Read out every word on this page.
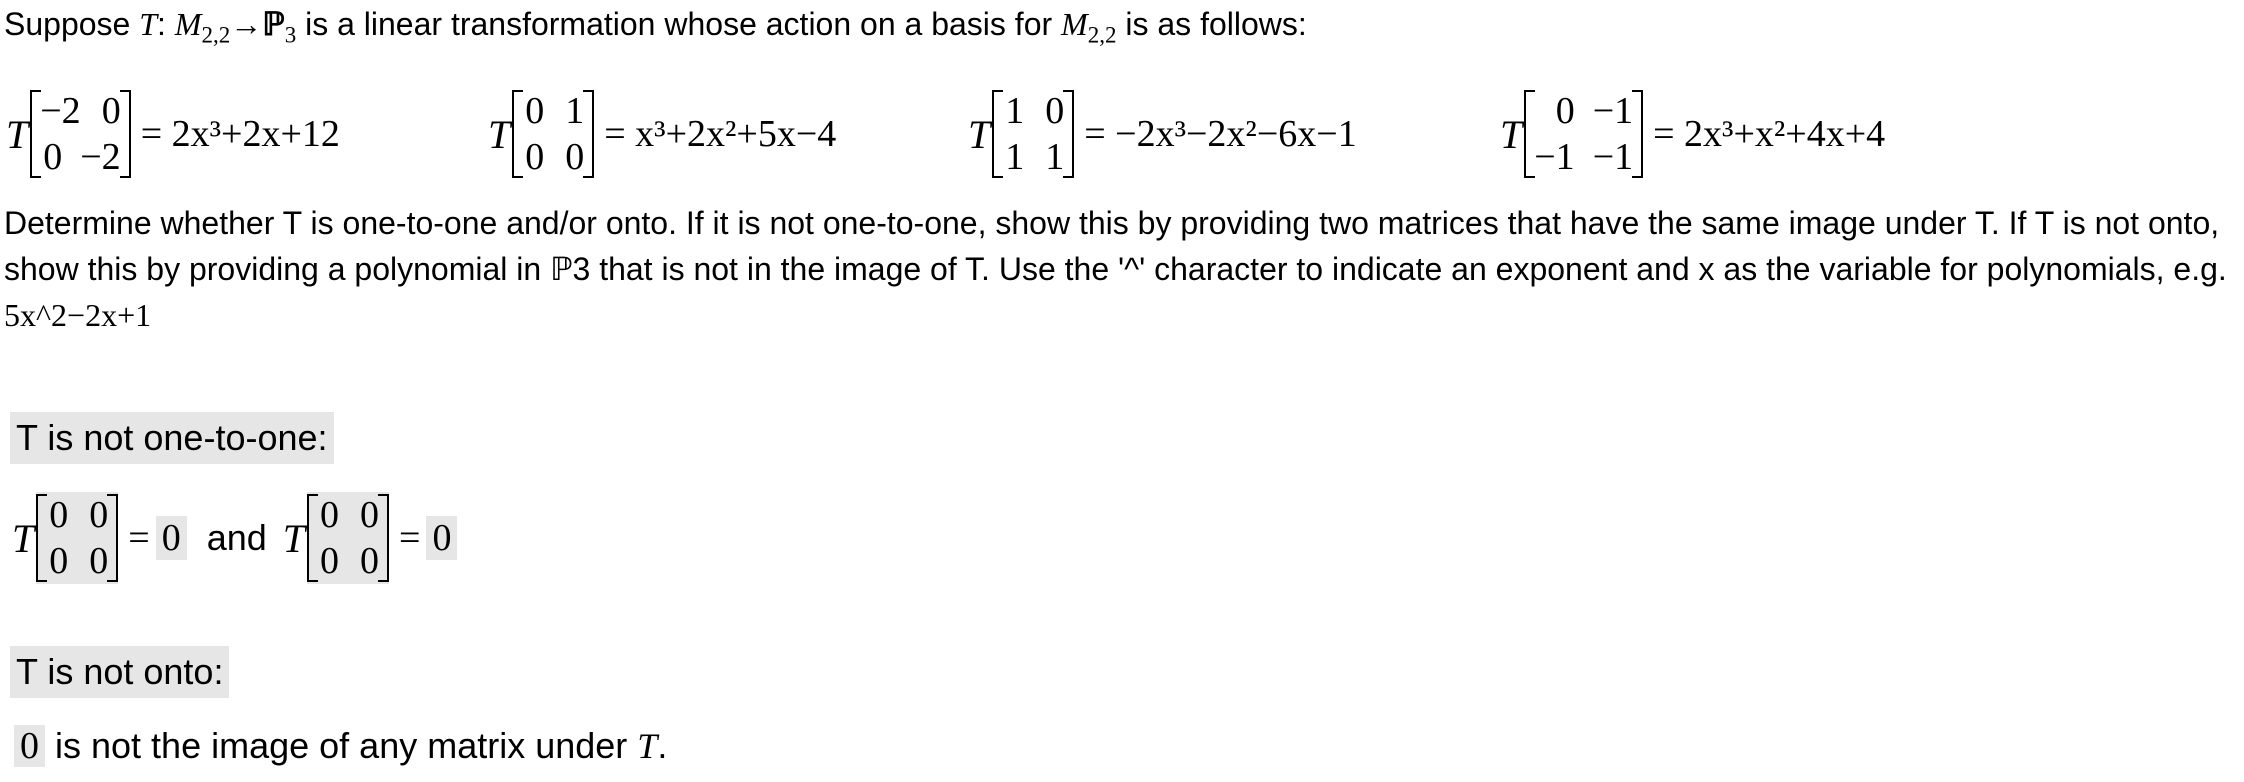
Suppose T: $M_{2,2}\to ℙ_3$ is a linear transformation whose action on a basis for $M_{2,2}$ is as follows:
T
−2 0
0 −2
= 2x³+2x+12	T
0 1
0 0
= x³+2x²+5x−4	T
1 0
1 1
= −2x³−2x²−6x−1	T
0 −1
−1 −1
= 2x³+x²+4x+4
Determine whether T is one-to-one and/or onto. If it is not one-to-one, show this by providing two matrices that have the same image under T. If T is not onto,
show this by providing a polynomial in ℙ3 that is not in the image of T. Use the '^' character to indicate an exponent and x as the variable for polynomials, e.g.
5x^2−2x+1
T is not one-to-one:
T
0 0
0 0
= 0 and T
0 0
0 0
= 0
T is not onto:
0 is not the image of any matrix under T.
